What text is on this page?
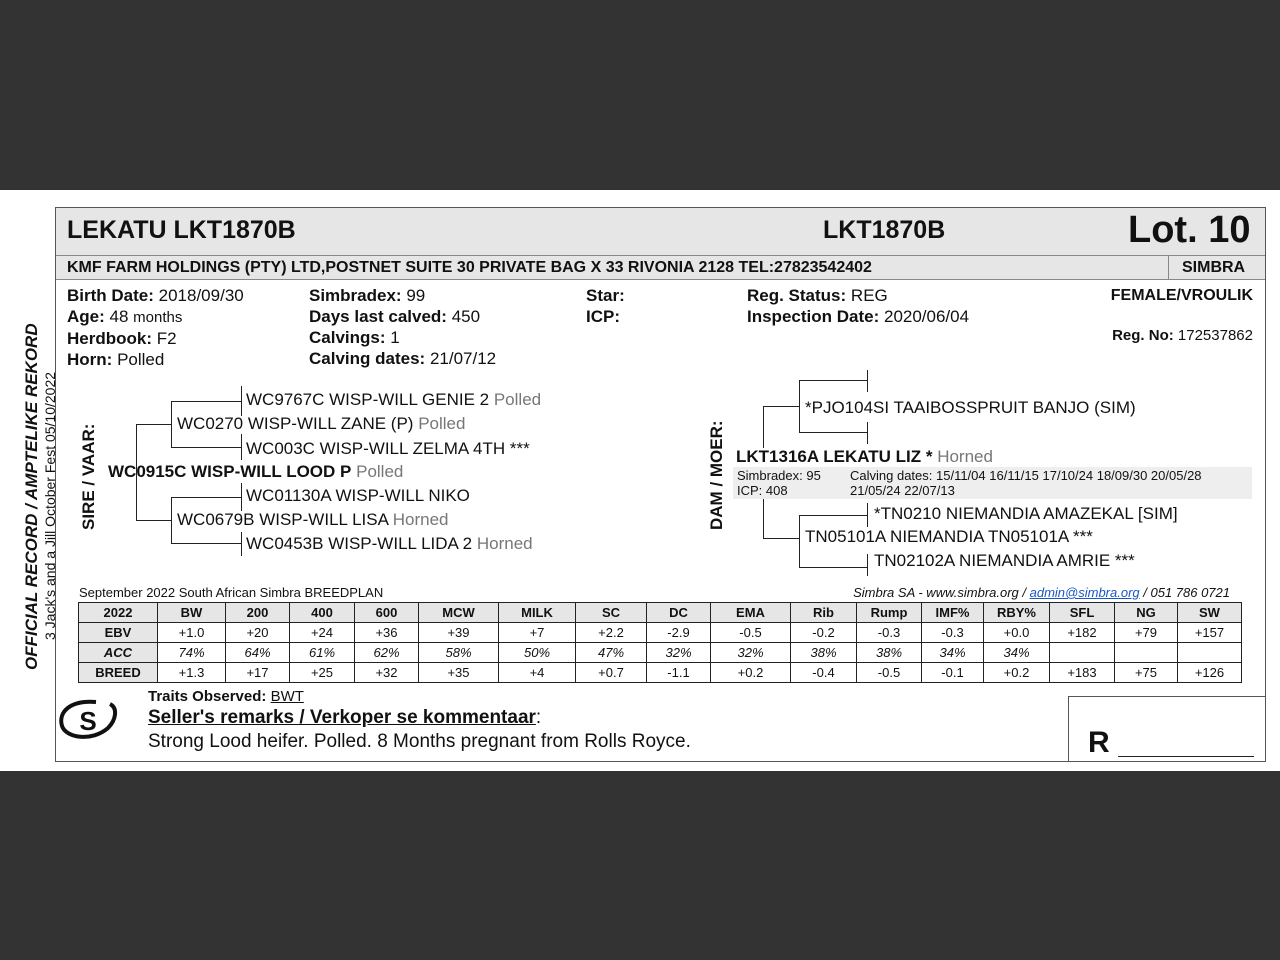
OFFICIAL RECORD / AMPTELIKE REKORD 3 Jack's and a Jill October Fest 05/10/2022
LEKATU LKT1870B	LKT1870B	Lot. 10
KMF FARM HOLDINGS (PTY) LTD,POSTNET SUITE 30 PRIVATE BAG X 33 RIVONIA 2128 TEL:27823542402	SIMBRA
Birth Date: 2018/09/30
Age: 48 months
Herdbook: F2
Horn: Polled
Simbradex: 99
Days last calved: 450
Calvings: 1
Calving dates: 21/07/12
Star:
ICP:
Reg. Status: REG
Inspection Date: 2020/06/04
FEMALE/VROULIK
Reg. No: 172537862
SIRE / VAAR:
WC9767C WISP-WILL GENIE 2 Polled
WC0270 WISP-WILL ZANE (P) Polled
WC003C WISP-WILL ZELMA 4TH ***
WC0915C WISP-WILL LOOD P Polled
WC01130A WISP-WILL NIKO
WC0679B WISP-WILL LISA Horned
WC0453B WISP-WILL LIDA 2 Horned
DAM / MOER:
*PJO104SI TAAIBOSSPRUIT BANJO (SIM)
LKT1316A LEKATU LIZ * Horned
Simbradex: 95
ICP: 408
Calving dates: 15/11/04 16/11/15 17/10/24 18/09/30 20/05/28
21/05/24 22/07/13
*TN0210 NIEMANDIA AMAZEKAL [SIM]
TN05101A NIEMANDIA TN05101A ***
TN02102A NIEMANDIA AMRIE ***
September 2022 South African Simbra BREEDPLAN	Simbra SA - www.simbra.org / admin@simbra.org / 051 786 0721
2022	BW	200	400	600	MCW	MILK	SC	DC	EMA	Rib	Rump	IMF%	RBY%	SFL	NG	SW
EBV	+1.0	+20	+24	+36	+39	+7	+2.2	-2.9	-0.5	-0.2	-0.3	-0.3	+0.0	+182	+79	+157
ACC	74%	64%	61%	62%	58%	50%	47%	32%	32%	38%	38%	34%	34%			
BREED	+1.3	+17	+25	+32	+35	+4	+0.7	-1.1	+0.2	-0.4	-0.5	-0.1	+0.2	+183	+75	+126
S
Traits Observed: BWT
Seller's remarks / Verkoper se kommentaar:
Strong Lood heifer. Polled. 8 Months pregnant from Rolls Royce.	R
